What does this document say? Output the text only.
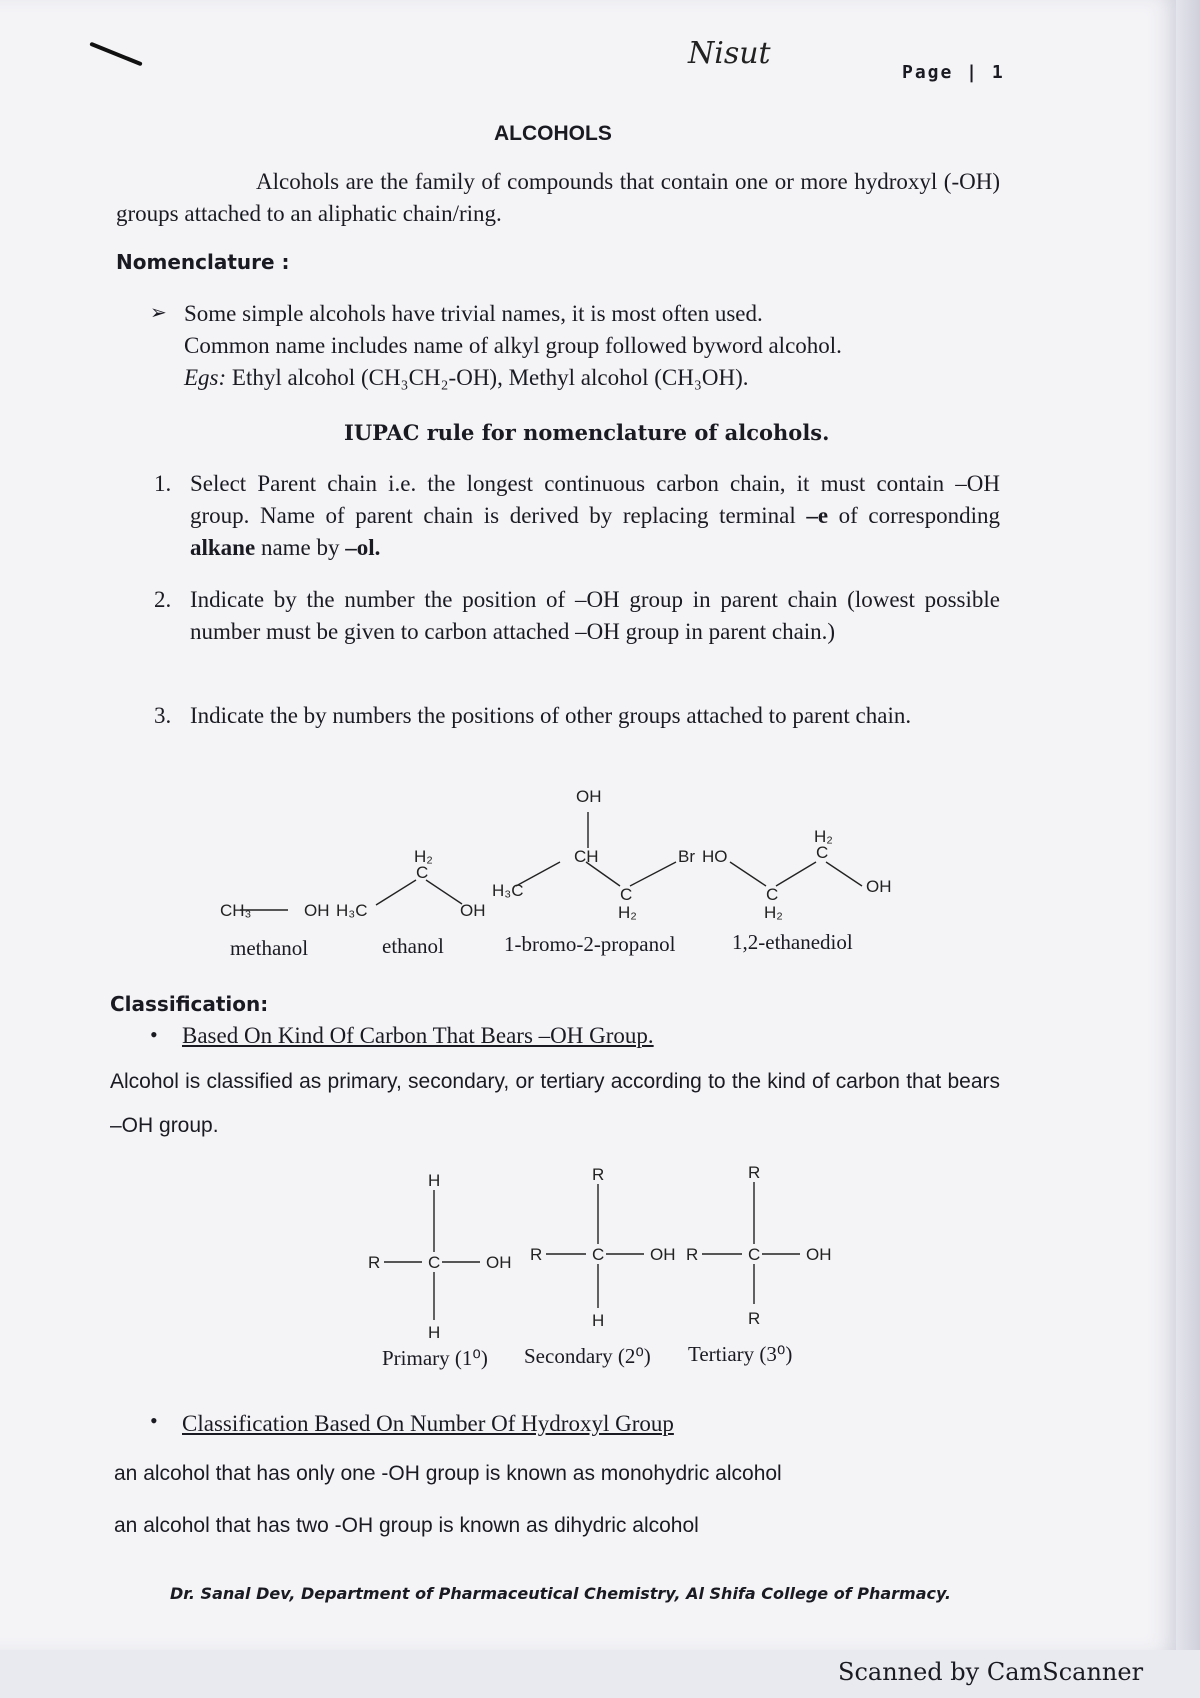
Nisut
Page | 1
ALCOHOLS
Alcohols are the family of compounds that contain one or more hydroxyl (-OH) groups attached to an aliphatic chain/ring.
Nomenclature :
➢ Some simple alcohols have trivial names, it is most often used.
Common name includes name of alkyl group followed byword alcohol.
Egs: Ethyl alcohol (CH₃CH₂-OH), Methyl alcohol (CH₃OH).
IUPAC rule for nomenclature of alcohols.
1. Select Parent chain i.e. the longest continuous carbon chain, it must contain –OH group. Name of parent chain is derived by replacing terminal –e of corresponding alkane name by –ol.
2. Indicate by the number the position of –OH group in parent chain (lowest possible number must be given to carbon attached –OH group in parent chain.)
3. Indicate the by numbers the positions of other groups attached to parent chain.
CH₃	OH H₃C
H₂
C
OH
H₃C
OH
CH
C
H₂
Br HO
C
H₂
H₂
C
OH
methanol	ethanol	1-bromo-2-propanol	1,2-ethanediol
Classification:
• Based On Kind Of Carbon That Bears –OH Group.
Alcohol is classified as primary, secondary, or tertiary according to the kind of carbon that bears –OH group.
H
R	C	OH
H
R
R	C	OH
H
R
R	C	OH
R
Primary (1⁰) Secondary (2⁰) Tertiary (3⁰)
• Classification Based On Number Of Hydroxyl Group
an alcohol that has only one -OH group is known as monohydric alcohol
an alcohol that has two -OH group is known as dihydric alcohol
Dr. Sanal Dev, Department of Pharmaceutical Chemistry, Al Shifa College of Pharmacy.
Scanned by CamScanner
